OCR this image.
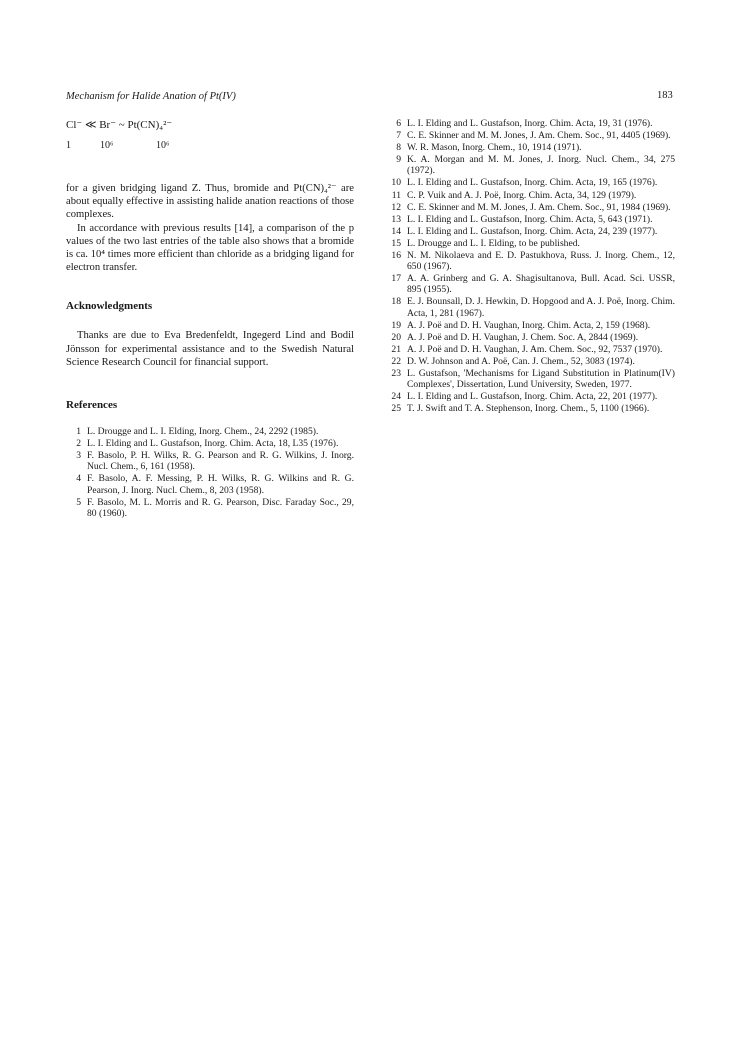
Mechanism for Halide Anation of Pt(IV)	183
Cl⁻ ≪ Br⁻ ~ Pt(CN)₄²⁻
1	10⁶	10⁶

for a given bridging ligand Z. Thus, bromide and Pt(CN)₄²⁻ are about equally effective in assisting halide anation reactions of those complexes.

In accordance with previous results [14], a comparison of the p values of the two last entries of the table also shows that a bromide is ca. 10⁴ times more efficient than chloride as a bridging ligand for electron transfer.

Acknowledgments

Thanks are due to Eva Bredenfeldt, Ingegerd Lind and Bodil Jönsson for experimental assistance and to the Swedish Natural Science Research Council for financial support.

References
1 L. Drougge and L. I. Elding, Inorg. Chem., 24, 2292 (1985).
2 L. I. Elding and L. Gustafson, Inorg. Chim. Acta, 18, L35 (1976).
3 F. Basolo, P. H. Wilks, R. G. Pearson and R. G. Wilkins, J. Inorg. Nucl. Chem., 6, 161 (1958).
4 F. Basolo, A. F. Messing, P. H. Wilks, R. G. Wilkins and R. G. Pearson, J. Inorg. Nucl. Chem., 8, 203 (1958).
5 F. Basolo, M. L. Morris and R. G. Pearson, Disc. Faraday Soc., 29, 80 (1960).
6 L. I. Elding and L. Gustafson, Inorg. Chim. Acta, 19, 31 (1976).
7 C. E. Skinner and M. M. Jones, J. Am. Chem. Soc., 91, 4405 (1969).
8 W. R. Mason, Inorg. Chem., 10, 1914 (1971).
9 K. A. Morgan and M. M. Jones, J. Inorg. Nucl. Chem., 34, 275 (1972).
10 L. I. Elding and L. Gustafson, Inorg. Chim. Acta, 19, 165 (1976).
11 C. P. Vuik and A. J. Poë, Inorg. Chim. Acta, 34, 129 (1979).
12 C. E. Skinner and M. M. Jones, J. Am. Chem. Soc., 91, 1984 (1969).
13 L. I. Elding and L. Gustafson, Inorg. Chim. Acta, 5, 643 (1971).
14 L. I. Elding and L. Gustafson, Inorg. Chim. Acta, 24, 239 (1977).
15 L. Drougge and L. I. Elding, to be published.
16 N. M. Nikolaeva and E. D. Pastukhova, Russ. J. Inorg. Chem., 12, 650 (1967).
17 A. A. Grinberg and G. A. Shagisultanova, Bull. Acad. Sci. USSR, 895 (1955).
18 E. J. Bounsall, D. J. Hewkin, D. Hopgood and A. J. Poë, Inorg. Chim. Acta, 1, 281 (1967).
19 A. J. Poë and D. H. Vaughan, Inorg. Chim. Acta, 2, 159 (1968).
20 A. J. Poë and D. H. Vaughan, J. Chem. Soc. A, 2844 (1969).
21 A. J. Poë and D. H. Vaughan, J. Am. Chem. Soc., 92, 7537 (1970).
22 D. W. Johnson and A. Poë, Can. J. Chem., 52, 3083 (1974).
23 L. Gustafson, 'Mechanisms for Ligand Substitution in Platinum(IV) Complexes', Dissertation, Lund University, Sweden, 1977.
24 L. I. Elding and L. Gustafson, Inorg. Chim. Acta, 22, 201 (1977).
25 T. J. Swift and T. A. Stephenson, Inorg. Chem., 5, 1100 (1966).
